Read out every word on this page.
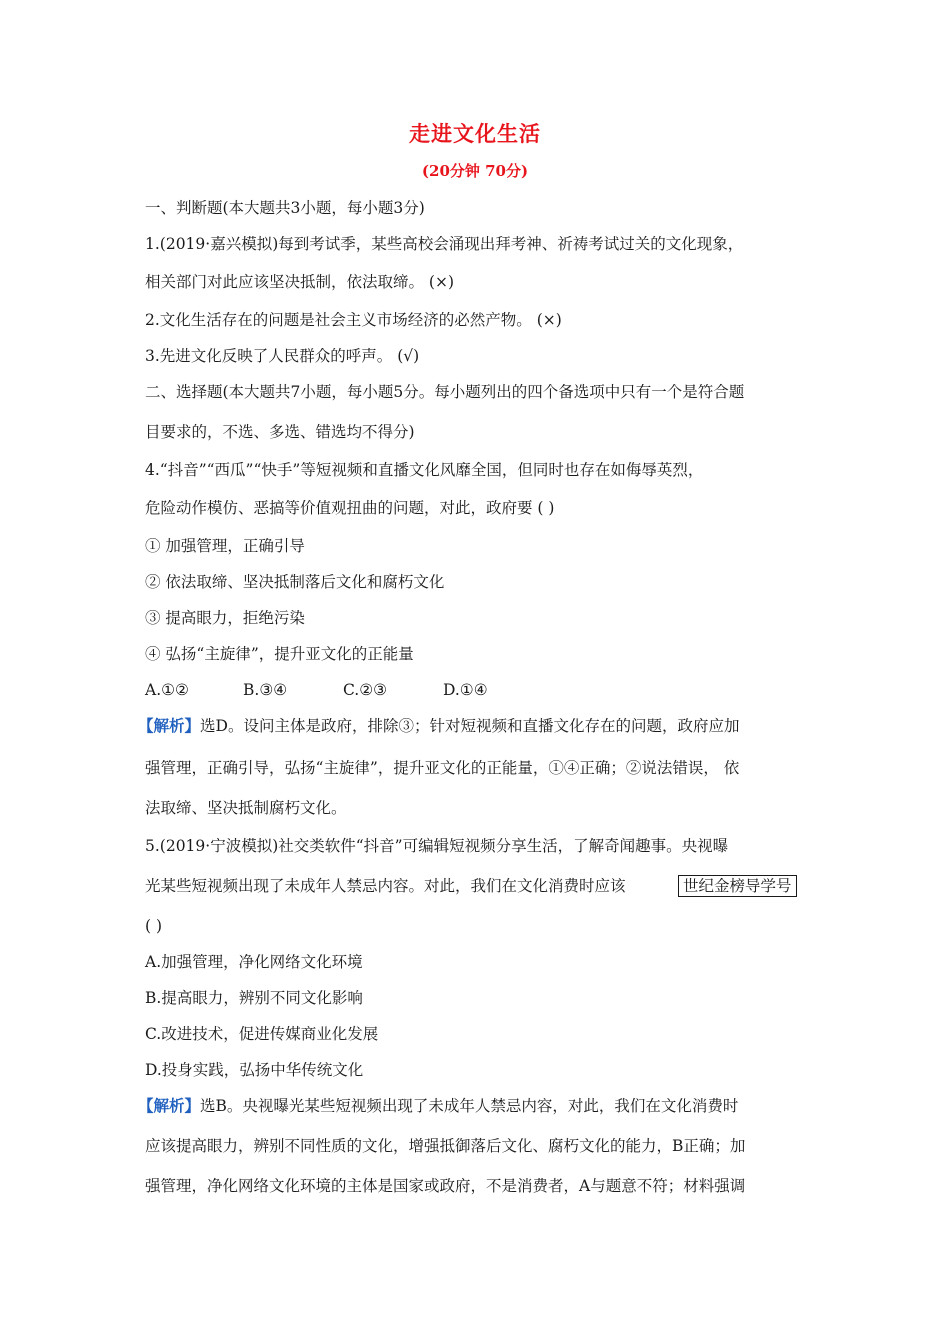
走进文化生活
(20分钟 70分)
一、判断题(本大题共3小题，每小题3分)
1.(2019·嘉兴模拟)每到考试季，某些高校会涌现出拜考神、祈祷考试过关的文化现象，
相关部门对此应该坚决抵制，依法取缔。 (×)
2.文化生活存在的问题是社会主义市场经济的必然产物。 (×)
3.先进文化反映了人民群众的呼声。 (√)
二、选择题(本大题共7小题，每小题5分。每小题列出的四个备选项中只有一个是符合题
目要求的，不选、多选、错选均不得分)
4.“抖音”“西瓜”“快手”等短视频和直播文化风靡全国，但同时也存在如侮辱英烈，
危险动作模仿、恶搞等价值观扭曲的问题，对此，政府要 ( )
① 加强管理，正确引导
② 依法取缔、坚决抵制落后文化和腐朽文化
③ 提高眼力，拒绝污染
④ 弘扬“主旋律”，提升亚文化的正能量
A.①②	B.③④	C.②③	D.①④
【解析】选D。设问主体是政府，排除③；针对短视频和直播文化存在的问题，政府应加
强管理，正确引导，弘扬“主旋律”，提升亚文化的正能量，①④正确；②说法错误， 依
法取缔、坚决抵制腐朽文化。
5.(2019·宁波模拟)社交类软件“抖音”可编辑短视频分享生活，了解奇闻趣事。央视曝
光某些短视频出现了未成年人禁忌内容。对此，我们在文化消费时应该	世纪金榜导学号
( )
A.加强管理，净化网络文化环境
B.提高眼力，辨别不同文化影响
C.改进技术，促进传媒商业化发展
D.投身实践，弘扬中华传统文化
【解析】选B。央视曝光某些短视频出现了未成年人禁忌内容，对此，我们在文化消费时
应该提高眼力，辨别不同性质的文化，增强抵御落后文化、腐朽文化的能力，B正确；加
强管理，净化网络文化环境的主体是国家或政府，不是消费者，A与题意不符；材料强调
